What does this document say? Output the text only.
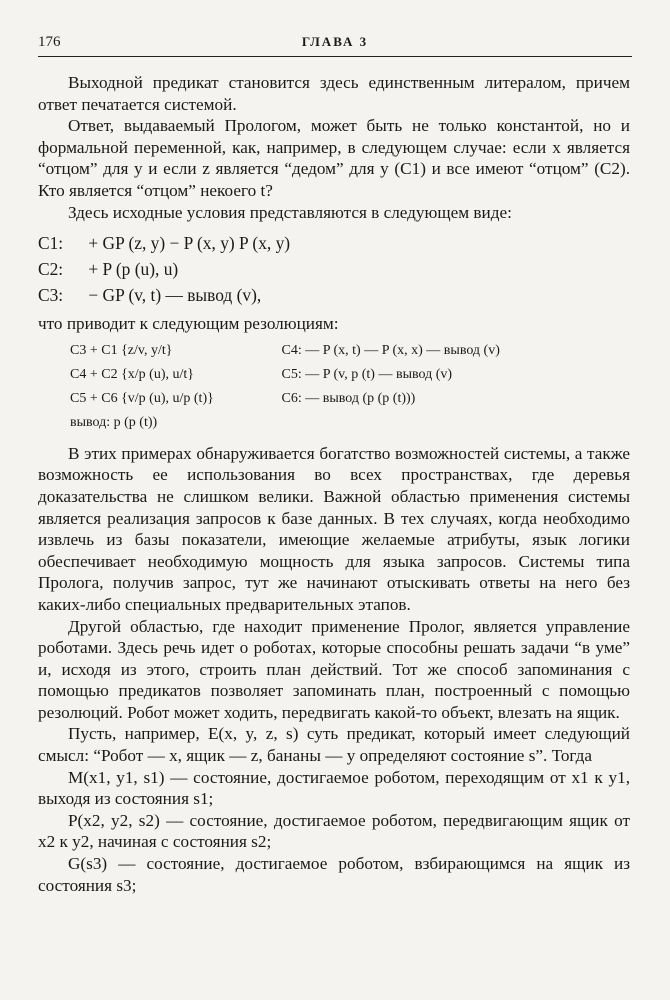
176	ГЛАВА 3

Выходной предикат становится здесь единственным литералом, причем ответ печатается системой.

Ответ, выдаваемый Прологом, может быть не только константой, но и формальной переменной, как, например, в следующем случае: если x является “отцом” для y и если z является “дедом” для y (C1) и все имеют “отцом” (C2). Кто является “отцом” некоего t?

Здесь исходные условия представляются в следующем виде:

C1: + GP (z, y) − P (x, y) P (x, y)
C2: + P (p (u), u)
C3: − GP (v, t) — вывод (v),

что приводит к следующим резолюциям:

C3 + C1 {z/v, y/t}	C4: — P (x, t) — P (x, x) — вывод (v)
C4 + C2 {x/p (u), u/t}	C5: — P (v, p (t) — вывод (v)
C5 + C6 {v/p (u), u/p (t)}	C6: — вывод (p (p (t)))
вывод: p (p (t))

В этих примерах обнаруживается богатство возможностей системы, а также возможность ее использования во всех пространствах, где деревья доказательства не слишком велики. Важной областью применения системы является реализация запросов к базе данных. В тех случаях, когда необходимо извлечь из базы показатели, имеющие желаемые атрибуты, язык логики обеспечивает необходимую мощность для языка запросов. Системы типа Пролога, получив запрос, тут же начинают отыскивать ответы на него без каких-либо специальных предварительных этапов.

Другой областью, где находит применение Пролог, является управление роботами. Здесь речь идет о роботах, которые способны решать задачи “в уме” и, исходя из этого, строить план действий. Тот же способ запоминания с помощью предикатов позволяет запоминать план, построенный с помощью резолюций. Робот может ходить, передвигать какой-то объект, влезать на ящик.

Пусть, например, E(x, y, z, s) суть предикат, который имеет следующий смысл: “Робот — x, ящик — z, бананы — y определяют состояние s”. Тогда

M(x1, y1, s1) — состояние, достигаемое роботом, переходящим от x1 к y1, выходя из состояния s1;

P(x2, y2, s2) — состояние, достигаемое роботом, передвигающим ящик от x2 к y2, начиная с состояния s2;

G(s3) — состояние, достигаемое роботом, взбирающимся на ящик из состояния s3;
